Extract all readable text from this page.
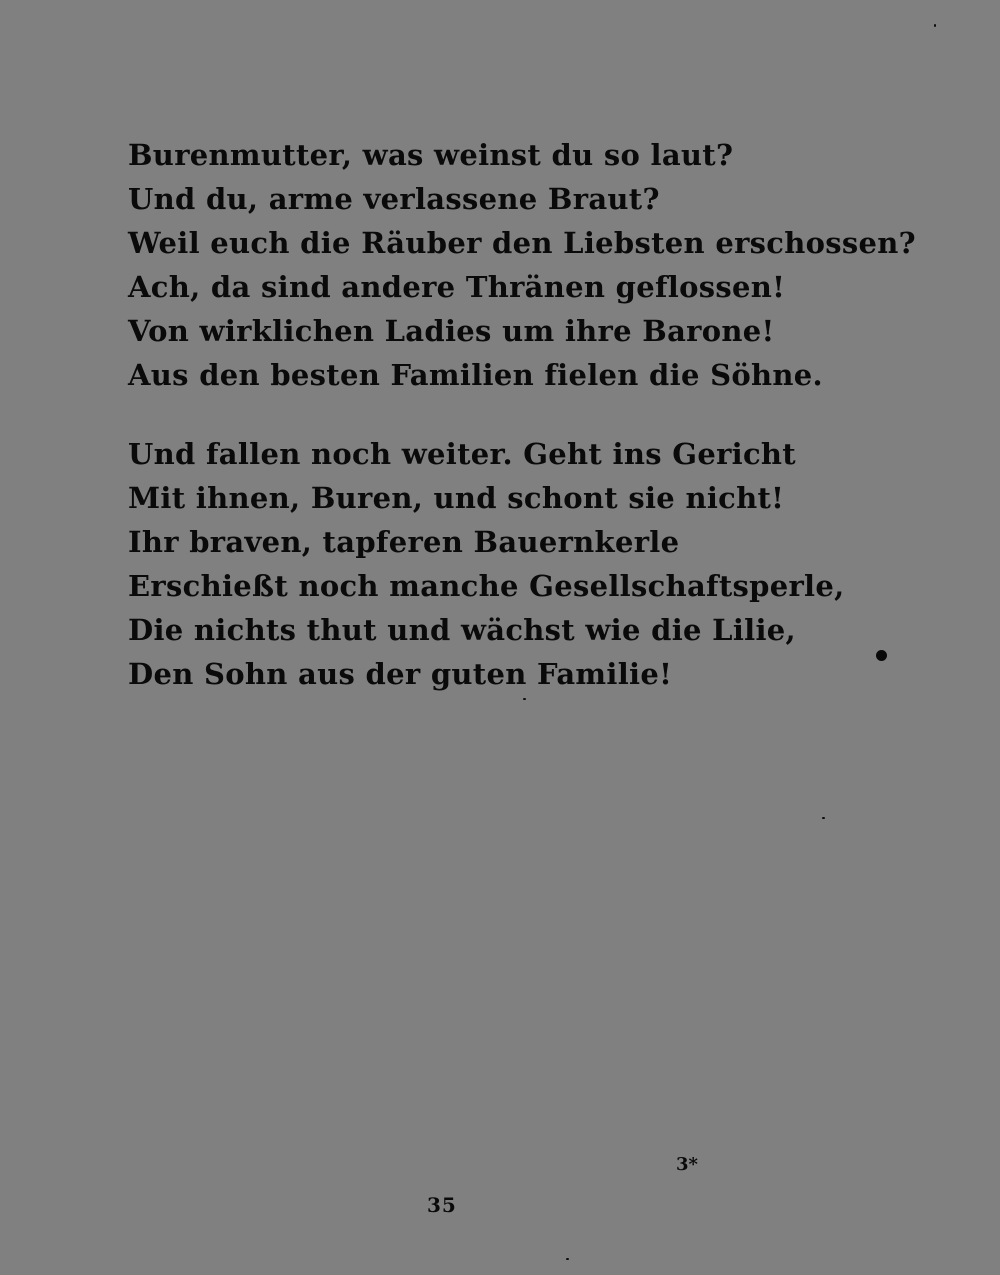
Burenmutter, was weinst du so laut?
Und du, arme verlassene Braut?
Weil euch die Räuber den Liebsten erschossen?
Ach, da sind andere Thränen geflossen!
Von wirklichen Ladies um ihre Barone!
Aus den besten Familien fielen die Söhne.
Und fallen noch weiter. Geht ins Gericht
Mit ihnen, Buren, und schont sie nicht!
Ihr braven, tapferen Bauernkerle
Erschießt noch manche Gesellschaftsperle,
Die nichts thut und wächst wie die Lilie,
Den Sohn aus der guten Familie!
3*
35
